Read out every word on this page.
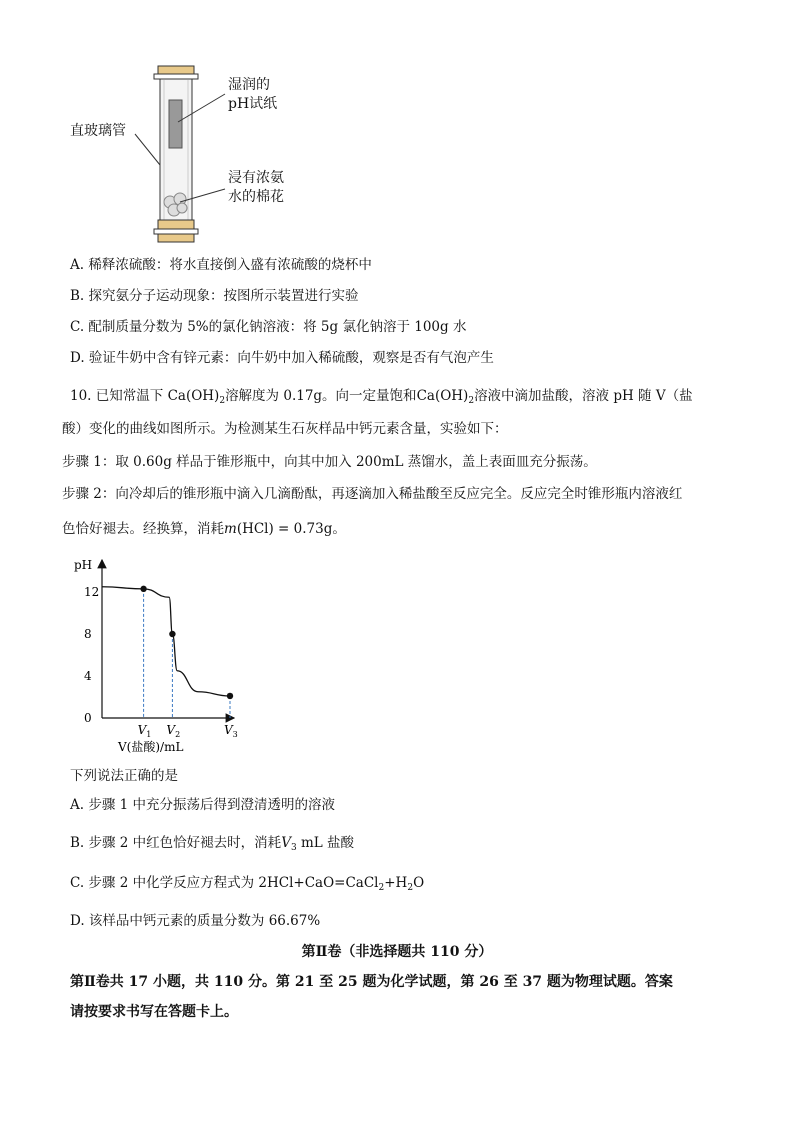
直玻璃管
湿润的
pH试纸
浸有浓氨
水的棉花
A. 稀释浓硫酸：将水直接倒入盛有浓硫酸的烧杯中
B. 探究氨分子运动现象：按图所示装置进行实验
C. 配制质量分数为 5%的氯化钠溶液：将 5g 氯化钠溶于 100g 水
D. 验证牛奶中含有锌元素：向牛奶中加入稀硫酸，观察是否有气泡产生
10. 已知常温下 $Ca(OH)_2$溶解度为 0.17g。向一定量饱和$Ca(OH)_2$溶液中滴加盐酸，溶液 pH 随 V（盐
酸）变化的曲线如图所示。为检测某生石灰样品中钙元素含量，实验如下：
步骤 1：取 0.60g 样品于锥形瓶中，向其中加入 200mL 蒸馏水，盖上表面皿充分振荡。
步骤 2：向冷却后的锥形瓶中滴入几滴酚酞，再逐滴加入稀盐酸至反应完全。反应完全时锥形瓶内溶液红
色恰好褪去。经换算，消耗m(HCl) = 0.73g。
pH
0
4
8
12
$V_1$ $V_2$	$V_3$
V(盐酸)/mL
下列说法正确的是
A. 步骤 1 中充分振荡后得到澄清透明的溶液
B. 步骤 2 中红色恰好褪去时，消耗$V_3$ mL 盐酸
C. 步骤 2 中化学反应方程式为 $2HCl+CaO=CaCl_2+H_2O$
D. 该样品中钙元素的质量分数为 66.67%
第Ⅱ卷（非选择题共 110 分）
第Ⅱ卷共 17 小题，共 110 分。第 21 至 25 题为化学试题，第 26 至 37 题为物理试题。答案
请按要求书写在答题卡上。
